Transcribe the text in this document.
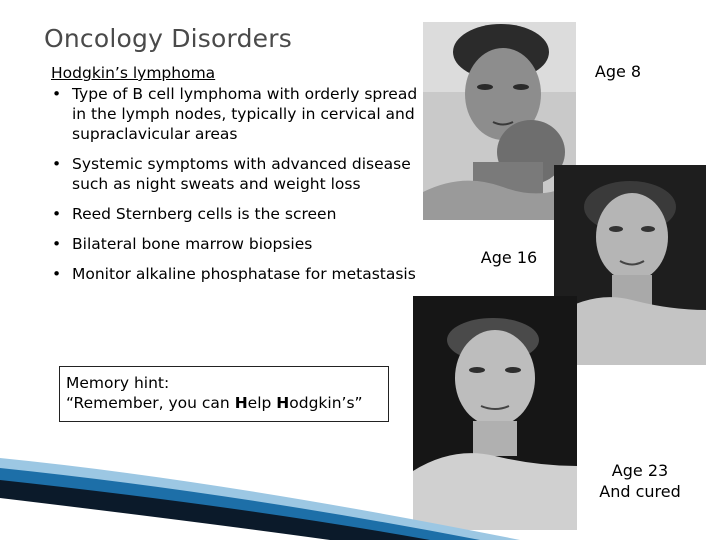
Oncology Disorders
Hodgkin’s lymphoma
• Type of B cell lymphoma with orderly spread in the lymph nodes, typically in cervical and supraclavicular areas
• Systemic symptoms with advanced disease such as night sweats and weight loss
• Reed Sternberg cells is the screen
• Bilateral bone marrow biopsies
• Monitor alkaline phosphatase for metastasis
Memory hint:
“Remember, you can Help Hodgkin’s”
Age 8
Age 16
Age 23
And cured
